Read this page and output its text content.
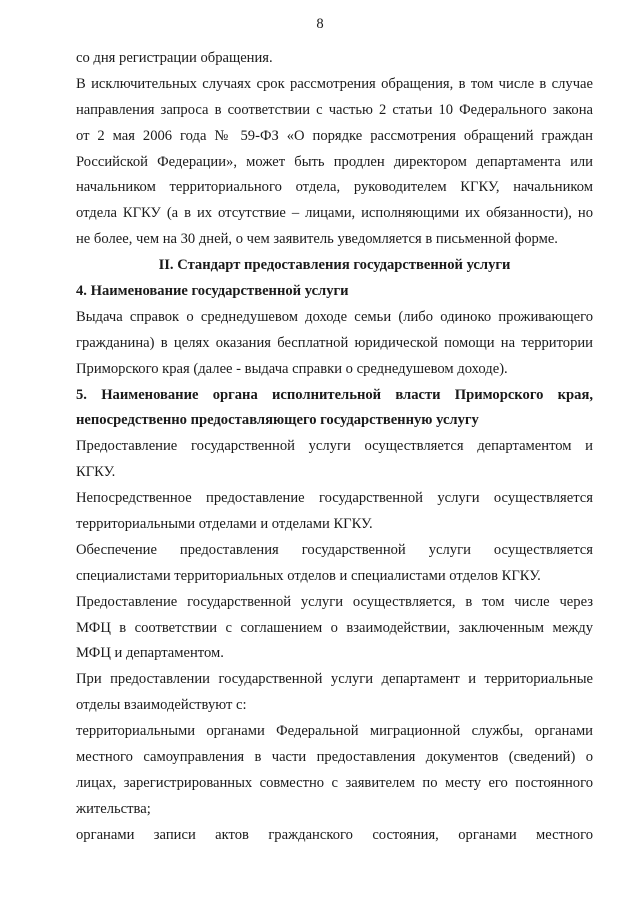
8
со дня регистрации обращения.
В исключительных случаях срок рассмотрения обращения, в том числе в случае
направления запроса в соответствии с частью 2 статьи 10 Федерального закона
от 2 мая 2006 года № 59-ФЗ «О порядке рассмотрения обращений граждан
Российской Федерации», может быть продлен директором департамента или
начальником территориального отдела, руководителем КГКУ, начальником
отдела КГКУ (а в их отсутствие – лицами, исполняющими их обязанности), но
не более, чем на 30 дней, о чем заявитель уведомляется в письменной форме.
II. Стандарт предоставления государственной услуги
4. Наименование государственной услуги
Выдача справок о среднедушевом доходе семьи (либо одиноко проживающего
гражданина) в целях оказания бесплатной юридической помощи на территории
Приморского края (далее - выдача справки о среднедушевом доходе).
5. Наименование органа исполнительной власти Приморского края,
непосредственно предоставляющего государственную услугу
Предоставление государственной услуги осуществляется департаментом и
КГКУ.
Непосредственное предоставление государственной услуги осуществляется
территориальными отделами и отделами КГКУ.
Обеспечение предоставления государственной услуги осуществляется
специалистами территориальных отделов и специалистами отделов КГКУ.
Предоставление государственной услуги осуществляется, в том числе через
МФЦ в соответствии с соглашением о взаимодействии, заключенным между
МФЦ и департаментом.
При предоставлении государственной услуги департамент и территориальные
отделы взаимодействуют с:
территориальными органами Федеральной миграционной службы, органами
местного самоуправления в части предоставления документов (сведений) о
лицах, зарегистрированных совместно с заявителем по месту его постоянного
жительства;
органами записи актов гражданского состояния, органами местного
